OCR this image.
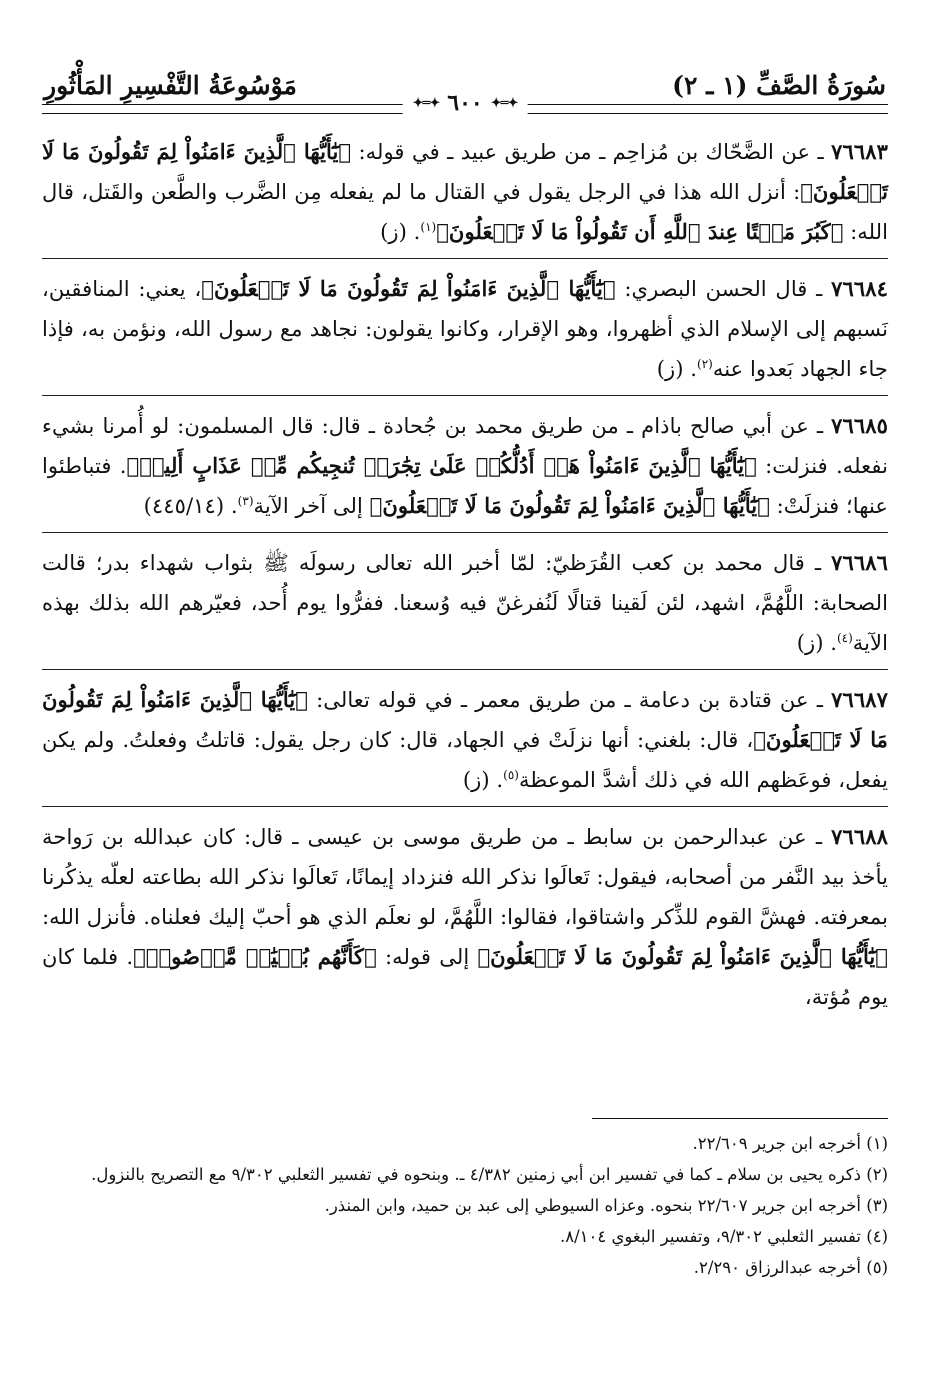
سُورَةُ الصَّفِّ (١ ـ ٢)
مَوْسُوعَةُ التَّفْسِيرِ المَأْثُورِ
✦═✦
٦٠٠
✦═✦

٧٦٦٨٣ ـ عن الضَّحّاك بن مُزاحِم ـ من طريق عبيد ـ في قوله: ﴿يَٰٓأَيُّهَا ٱلَّذِينَ ءَامَنُواْ لِمَ تَقُولُونَ مَا لَا تَفۡعَلُونَ﴾: أنزل الله هذا في الرجل يقول في القتال ما لم يفعله مِن الضَّرب والطَّعن والقَتل، قال الله: ﴿كَبُرَ مَقۡتًا عِندَ ٱللَّهِ أَن تَقُولُواْ مَا لَا تَفۡعَلُونَ﴾$^{(١)}$. (ز)

٧٦٦٨٤ ـ قال الحسن البصري: ﴿يَٰٓأَيُّهَا ٱلَّذِينَ ءَامَنُواْ لِمَ تَقُولُونَ مَا لَا تَفۡعَلُونَ﴾، يعني: المنافقين، نَسبهم إلى الإسلام الذي أظهروا، وهو الإقرار، وكانوا يقولون: نجاهد مع رسول الله، ونؤمن به، فإذا جاء الجهاد بَعدوا عنه$^{(٢)}$. (ز)

٧٦٦٨٥ ـ عن أبي صالح باذام ـ من طريق محمد بن جُحادة ـ قال: قال المسلمون: لو أُمرنا بشيء نفعله. فنزلت: ﴿يَٰٓأَيُّهَا ٱلَّذِينَ ءَامَنُواْ هَلۡ أَدُلُّكُمۡ عَلَىٰ تِجَٰرَةٖ تُنجِيكُم مِّنۡ عَذَابٍ أَلِيمٖ﴾. فتباطئوا عنها؛ فنزلَتْ: ﴿يَٰٓأَيُّهَا ٱلَّذِينَ ءَامَنُواْ لِمَ تَقُولُونَ مَا لَا تَفۡعَلُونَ﴾ إلى آخر الآية$^{(٣)}$. (٤٤٥/١٤)

٧٦٦٨٦ ـ قال محمد بن كعب القُرَظيّ: لمّا أخبر الله تعالى رسولَه ﷺ بثواب شهداء بدر؛ قالت الصحابة: اللَّهُمَّ، اشهد، لئن لَقينا قتالًا لَنُفرغنّ فيه وُسعنا. ففرُّوا يوم أُحد، فعيّرهم الله بذلك بهذه الآية$^{(٤)}$. (ز)

٧٦٦٨٧ ـ عن قتادة بن دعامة ـ من طريق معمر ـ في قوله تعالى: ﴿يَٰٓأَيُّهَا ٱلَّذِينَ ءَامَنُواْ لِمَ تَقُولُونَ مَا لَا تَفۡعَلُونَ﴾، قال: بلغني: أنها نزلَتْ في الجهاد، قال: كان رجل يقول: قاتلتُ وفعلتُ. ولم يكن يفعل، فوعَظهم الله في ذلك أشدَّ الموعظة$^{(٥)}$. (ز)

٧٦٦٨٨ ـ عن عبدالرحمن بن سابط ـ من طريق موسى بن عيسى ـ قال: كان عبدالله بن رَواحة يأخذ بيد النَّفر من أصحابه، فيقول: تَعالَوا نذكر الله فنزداد إيمانًا، تَعالَوا نذكر الله بطاعته لعلّه يذكُرنا بمعرفته. فهشَّ القوم للذِّكر واشتاقوا، فقالوا: اللَّهُمَّ، لو نعلَم الذي هو أحبّ إليك فعلناه. فأنزل الله: ﴿يَٰٓأَيُّهَا ٱلَّذِينَ ءَامَنُواْ لِمَ تَقُولُونَ مَا لَا تَفۡعَلُونَ﴾ إلى قوله: ﴿كَأَنَّهُم بُنۡيَٰنٞ مَّرۡصُوصٞ﴾. فلما كان يوم مُؤتة،

(١) أخرجه ابن جرير ٢٢/٦٠٩.
(٢) ذكره يحيى بن سلام ـ كما في تفسير ابن أبي زمنين ٤/٣٨٢ ـ. وبنحوه في تفسير الثعلبي ٩/٣٠٢ مع التصريح بالنزول.
(٣) أخرجه ابن جرير ٢٢/٦٠٧ بنحوه. وعزاه السيوطي إلى عبد بن حميد، وابن المنذر.
(٤) تفسير الثعلبي ٩/٣٠٢، وتفسير البغوي ٨/١٠٤.
(٥) أخرجه عبدالرزاق ٢/٢٩٠.
